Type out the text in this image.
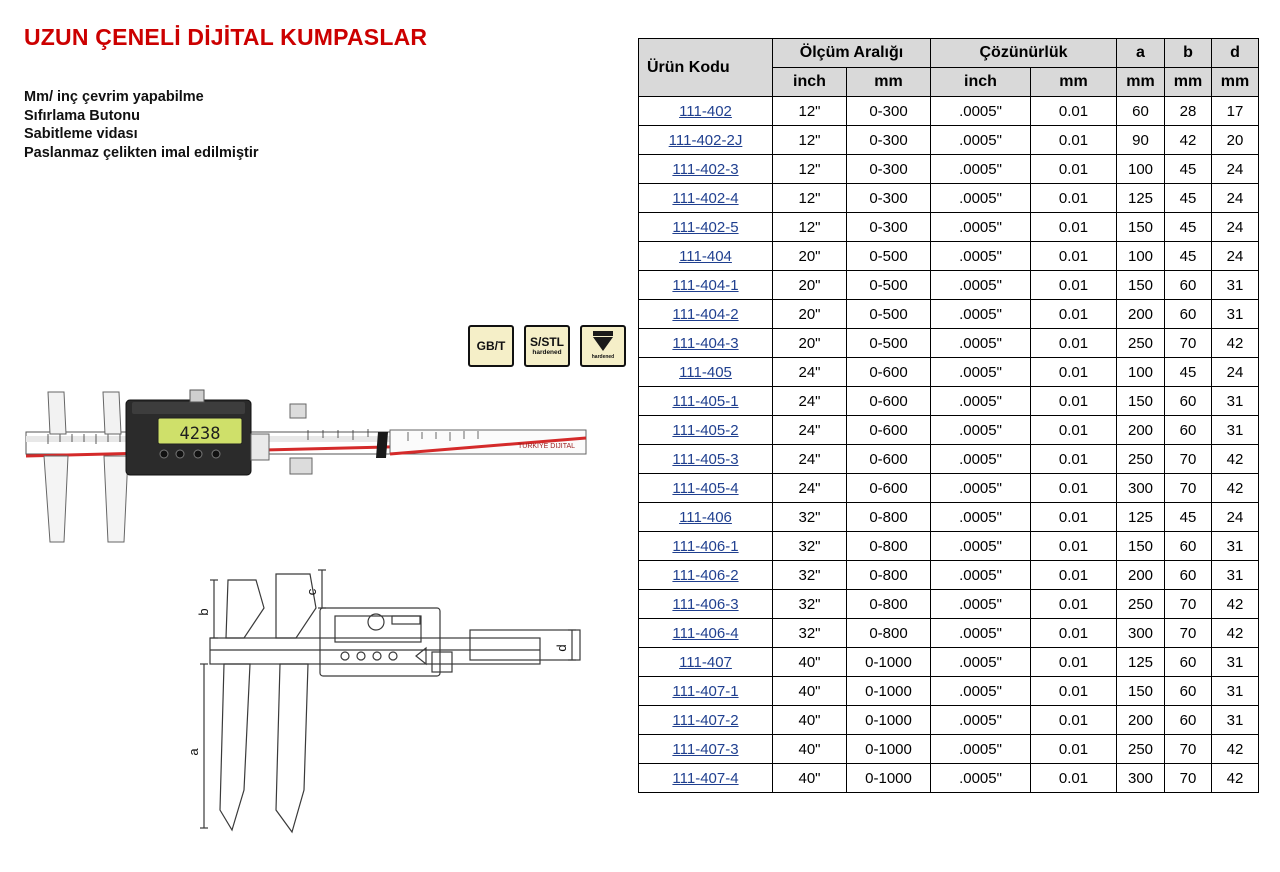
UZUN ÇENELİ DİJİTAL KUMPASLAR
Mm/ inç çevrim yapabilme
Sıfırlama Butonu
Sabitleme vidası
Paslanmaz çelikten imal edilmiştir
GB/T S/STL
hardened
hardened
4238
TURKIYE DIJITAL
a
b
c
d
Ürün Kodu	Ölçüm Aralığı		Çözünürlük		a	b	d
	inch	mm	inch	mm	mm	mm	mm
111-402	12"	0-300	.0005"	0.01	60	28	17
111-402-2J	12"	0-300	.0005"	0.01	90	42	20
111-402-3	12"	0-300	.0005"	0.01	100	45	24
111-402-4	12"	0-300	.0005"	0.01	125	45	24
111-402-5	12"	0-300	.0005"	0.01	150	45	24
111-404	20"	0-500	.0005"	0.01	100	45	24
111-404-1	20"	0-500	.0005"	0.01	150	60	31
111-404-2	20"	0-500	.0005"	0.01	200	60	31
111-404-3	20"	0-500	.0005"	0.01	250	70	42
111-405	24"	0-600	.0005"	0.01	100	45	24
111-405-1	24"	0-600	.0005"	0.01	150	60	31
111-405-2	24"	0-600	.0005"	0.01	200	60	31
111-405-3	24"	0-600	.0005"	0.01	250	70	42
111-405-4	24"	0-600	.0005"	0.01	300	70	42
111-406	32"	0-800	.0005"	0.01	125	45	24
111-406-1	32"	0-800	.0005"	0.01	150	60	31
111-406-2	32"	0-800	.0005"	0.01	200	60	31
111-406-3	32"	0-800	.0005"	0.01	250	70	42
111-406-4	32"	0-800	.0005"	0.01	300	70	42
111-407	40"	0-1000	.0005"	0.01	125	60	31
111-407-1	40"	0-1000	.0005"	0.01	150	60	31
111-407-2	40"	0-1000	.0005"	0.01	200	60	31
111-407-3	40"	0-1000	.0005"	0.01	250	70	42
111-407-4	40"	0-1000	.0005"	0.01	300	70	42
